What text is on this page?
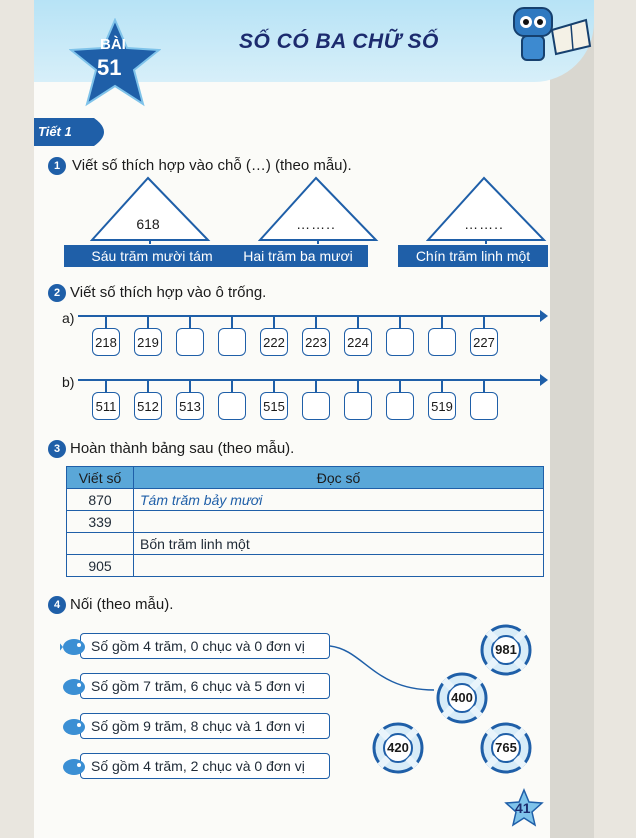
BÀI
51
SỐ CÓ BA CHỮ SỐ
Tiết 1
1 Viết số thích hợp vào chỗ (…) (theo mẫu).
618
Sáu trăm mười tám
……..
Hai trăm ba mươi
……..
Chín trăm linh một
2 Viết số thích hợp vào ô trống.
a)
218 219	222 223 224	227
b)
511 512 513	515	519
3 Hoàn thành bảng sau (theo mẫu).
Viết số	Đọc số
870	Tám trăm bảy mươi
339	
	Bốn trăm linh một
905	
4 Nối (theo mẫu).
Số gồm 4 trăm, 0 chục và 0 đơn vị
Số gồm 7 trăm, 6 chục và 5 đơn vị
Số gồm 9 trăm, 8 chục và 1 đơn vị
Số gồm 4 trăm, 2 chục và 0 đơn vị
981
400
420	765
41
